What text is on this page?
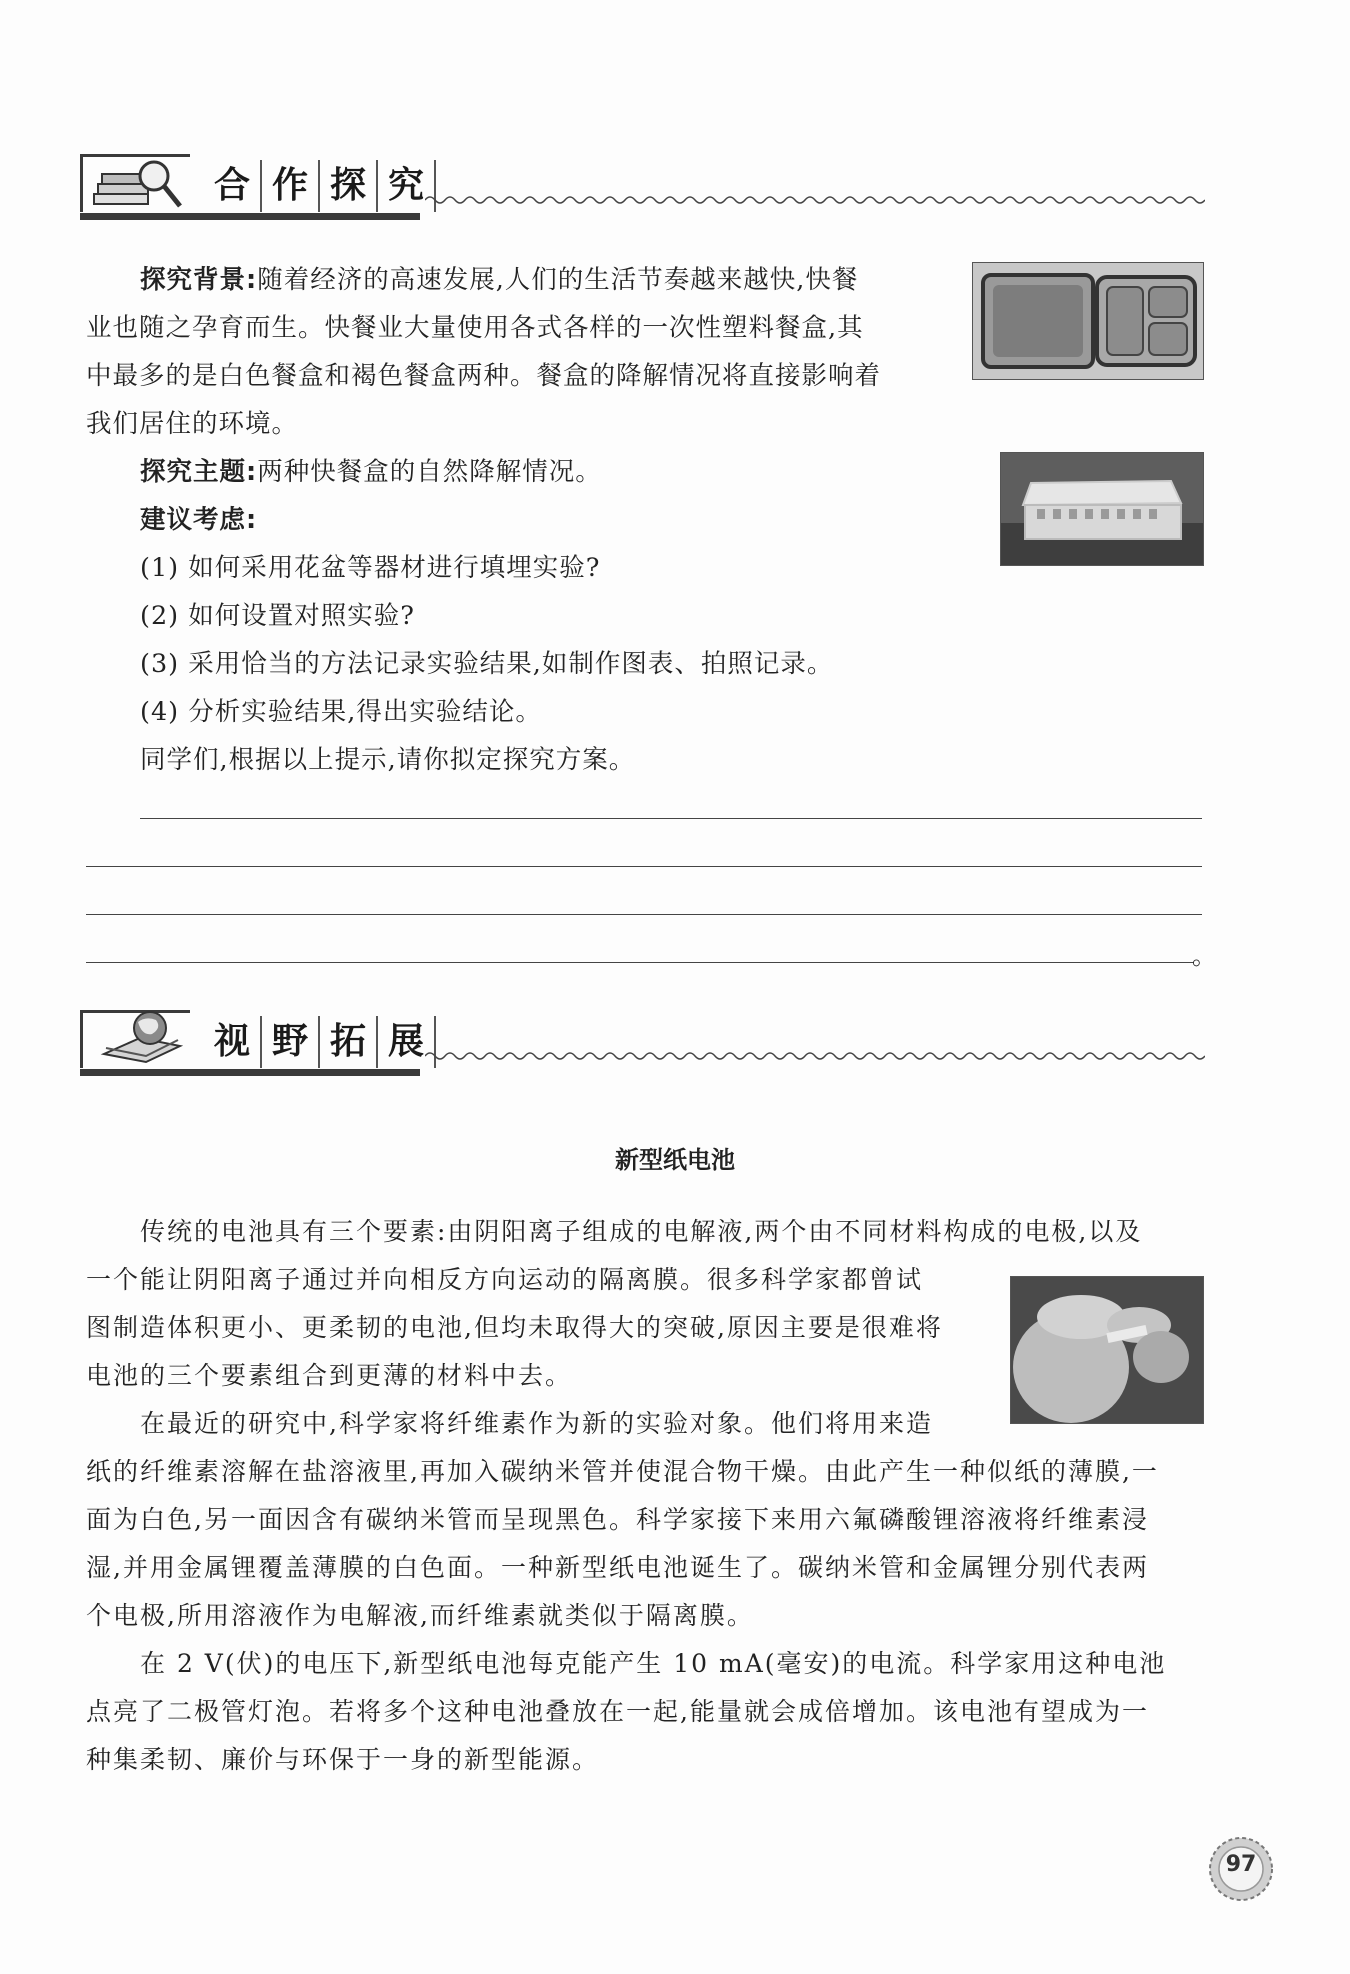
合 作 探 究
探究背景:随着经济的高速发展,人们的生活节奏越来越快,快餐
业也随之孕育而生。快餐业大量使用各式各样的一次性塑料餐盒,其
中最多的是白色餐盒和褐色餐盒两种。餐盒的降解情况将直接影响着
我们居住的环境。
探究主题:两种快餐盒的自然降解情况。
建议考虑:
(1) 如何采用花盆等器材进行填埋实验?
(2) 如何设置对照实验?
(3) 采用恰当的方法记录实验结果,如制作图表、拍照记录。
(4) 分析实验结果,得出实验结论。
同学们,根据以上提示,请你拟定探究方案。
。
视 野 拓 展
新型纸电池
传统的电池具有三个要素:由阴阳离子组成的电解液,两个由不同材料构成的电极,以及
一个能让阴阳离子通过并向相反方向运动的隔离膜。很多科学家都曾试
图制造体积更小、更柔韧的电池,但均未取得大的突破,原因主要是很难将
电池的三个要素组合到更薄的材料中去。
在最近的研究中,科学家将纤维素作为新的实验对象。他们将用来造
纸的纤维素溶解在盐溶液里,再加入碳纳米管并使混合物干燥。由此产生一种似纸的薄膜,一
面为白色,另一面因含有碳纳米管而呈现黑色。科学家接下来用六氟磷酸锂溶液将纤维素浸
湿,并用金属锂覆盖薄膜的白色面。一种新型纸电池诞生了。碳纳米管和金属锂分别代表两
个电极,所用溶液作为电解液,而纤维素就类似于隔离膜。
在 2 V(伏)的电压下,新型纸电池每克能产生 10 mA(毫安)的电流。科学家用这种电池
点亮了二极管灯泡。若将多个这种电池叠放在一起,能量就会成倍增加。该电池有望成为一
种集柔韧、廉价与环保于一身的新型能源。
97
